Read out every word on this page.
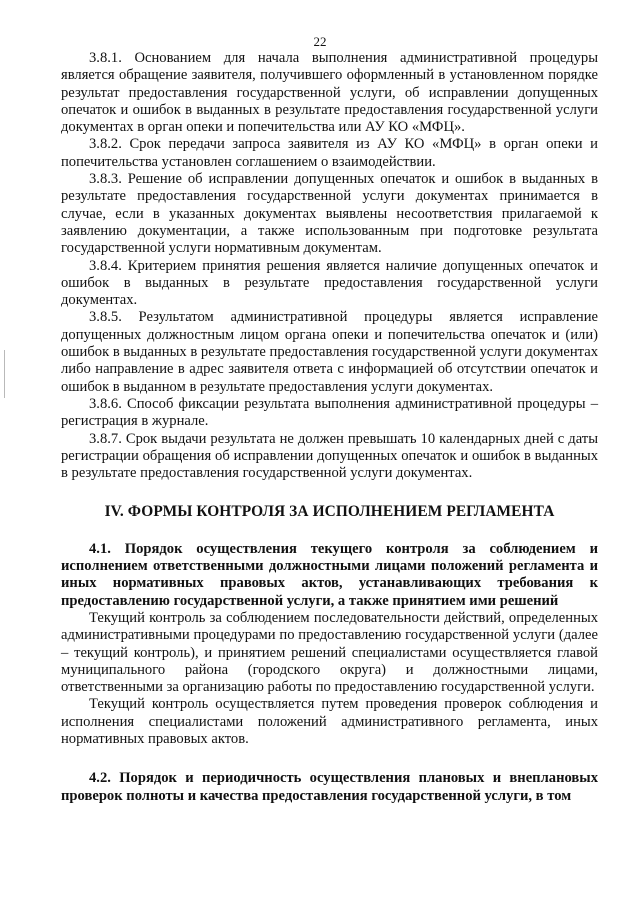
22

3.8.1. Основанием для начала выполнения административной процедуры является обращение заявителя, получившего оформленный в установленном порядке результат предоставления государственной услуги, об исправлении допущенных опечаток и ошибок в выданных в результате предоставления государственной услуги документах в орган опеки и попечительства или АУ КО «МФЦ».

3.8.2. Срок передачи запроса заявителя из АУ КО «МФЦ» в орган опеки и попечительства установлен соглашением о взаимодействии.

3.8.3. Решение об исправлении допущенных опечаток и ошибок в выданных в результате предоставления государственной услуги документах принимается в случае, если в указанных документах выявлены несоответствия прилагаемой к заявлению документации, а также использованным при подготовке результата государственной услуги нормативным документам.

3.8.4. Критерием принятия решения является наличие допущенных опечаток и ошибок в выданных в результате предоставления государственной услуги документах.

3.8.5. Результатом административной процедуры является исправление допущенных должностным лицом органа опеки и попечительства опечаток и (или) ошибок в выданных в результате предоставления государственной услуги документах либо направление в адрес заявителя ответа с информацией об отсутствии опечаток и ошибок в выданном в результате предоставления услуги документах.

3.8.6. Способ фиксации результата выполнения административной процедуры – регистрация в журнале.

3.8.7. Срок выдачи результата не должен превышать 10 календарных дней с даты регистрации обращения об исправлении допущенных опечаток и ошибок в выданных в результате предоставления государственной услуги документах.

IV. ФОРМЫ КОНТРОЛЯ ЗА ИСПОЛНЕНИЕМ РЕГЛАМЕНТА

4.1. Порядок осуществления текущего контроля за соблюдением и исполнением ответственными должностными лицами положений регламента и иных нормативных правовых актов, устанавливающих требования к предоставлению государственной услуги, а также принятием ими решений

Текущий контроль за соблюдением последовательности действий, определенных административными процедурами по предоставлению государственной услуги (далее – текущий контроль), и принятием решений специалистами осуществляется главой муниципального района (городского округа) и должностными лицами, ответственными за организацию работы по предоставлению государственной услуги.

Текущий контроль осуществляется путем проведения проверок соблюдения и исполнения специалистами положений административного регламента, иных нормативных правовых актов.

4.2. Порядок и периодичность осуществления плановых и внеплановых проверок полноты и качества предоставления государственной услуги, в том
